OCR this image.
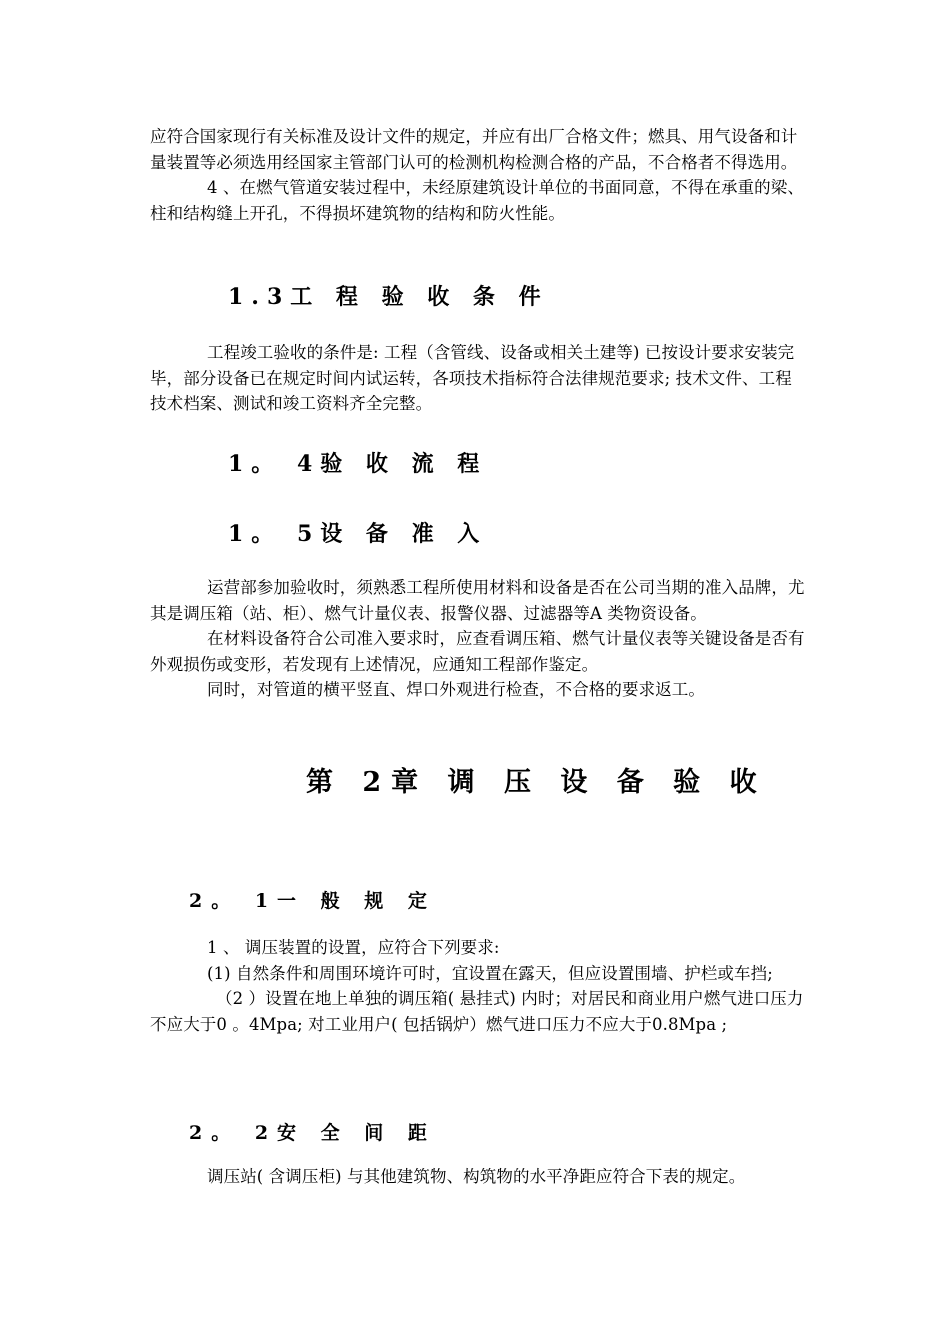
应符合国家现行有关标准及设计文件的规定，并应有出厂合格文件；燃具、用气设备和计量装置等必须选用经国家主管部门认可的检测机构检测合格的产品，不合格者不得选用。

4 、在燃气管道安装过程中，未经原建筑设计单位的书面同意，不得在承重的梁、柱和结构缝上开孔，不得损坏建筑物的结构和防火性能。

1.3工 程 验 收 条 件

工程竣工验收的条件是: 工程（含管线、设备或相关土建等) 已按设计要求安装完毕，部分设备已在规定时间内试运转，各项技术指标符合法律规范要求; 技术文件、工程技术档案、测试和竣工资料齐全完整。

1。 4验 收 流 程
1。 5设 备 准 入

运营部参加验收时，须熟悉工程所使用材料和设备是否在公司当期的准入品牌，尤其是调压箱（站、柜）、燃气计量仪表、报警仪器、过滤器等A 类物资设备。

在材料设备符合公司准入要求时，应查看调压箱、燃气计量仪表等关键设备是否有外观损伤或变形，若发现有上述情况，应通知工程部作鉴定。

同时，对管道的横平竖直、焊口外观进行检查，不合格的要求返工。

第 2章 调 压 设 备 验 收
2。 1一 般 规 定

1 、 调压装置的设置，应符合下列要求:

(1) 自然条件和周围环境许可时，宜设置在露天，但应设置围墙、护栏或车挡;

（2 ）设置在地上单独的调压箱( 悬挂式) 内时；对居民和商业用户燃气进口压力不应大于0 。4Mpa; 对工业用户( 包括锅炉）燃气进口压力不应大于0.8Mpa ;

2。 2安 全 间 距

调压站( 含调压柜) 与其他建筑物、构筑物的水平净距应符合下表的规定。
